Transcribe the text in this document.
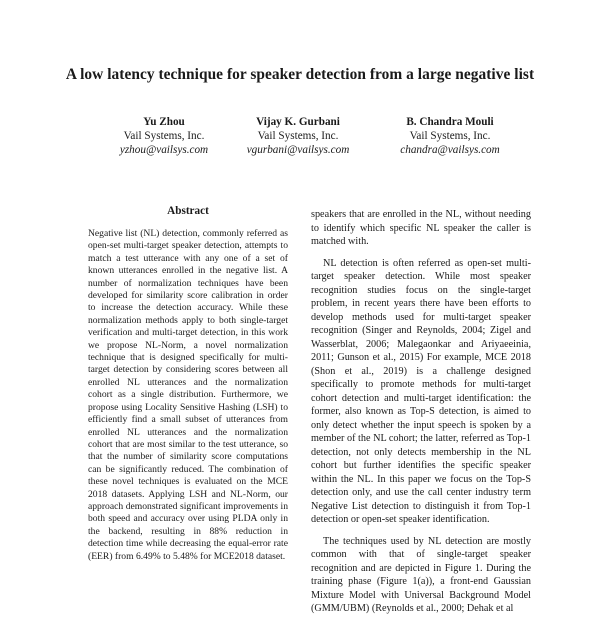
A low latency technique for speaker detection from a large negative list
Yu Zhou
Vail Systems, Inc.
yzhou@vailsys.com
Vijay K. Gurbani
Vail Systems, Inc.
vgurbani@vailsys.com
B. Chandra Mouli
Vail Systems, Inc.
chandra@vailsys.com
Abstract
Negative list (NL) detection, commonly referred as open-set multi-target speaker detection, attempts to match a test utterance with any one of a set of known utterances enrolled in the negative list. A number of normalization techniques have been developed for similarity score calibration in order to increase the detection accuracy. While these normalization methods apply to both single-target verification and multi-target detection, in this work we propose NL-Norm, a novel normalization technique that is designed specifically for multi-target detection by considering scores between all enrolled NL utterances and the normalization cohort as a single distribution. Furthermore, we propose using Locality Sensitive Hashing (LSH) to efficiently find a small subset of utterances from enrolled NL utterances and the normalization cohort that are most similar to the test utterance, so that the number of similarity score computations can be significantly reduced. The combination of these novel techniques is evaluated on the MCE 2018 datasets. Applying LSH and NL-Norm, our approach demonstrated significant improvements in both speed and accuracy over using PLDA only in the backend, resulting in 88% reduction in detection time while decreasing the equal-error rate (EER) from 6.49% to 5.48% for MCE2018 dataset.

speakers that are enrolled in the NL, without needing to identify which specific NL speaker the caller is matched with.

NL detection is often referred as open-set multi-target speaker detection. While most speaker recognition studies focus on the single-target problem, in recent years there have been efforts to develop methods used for multi-target speaker recognition (Singer and Reynolds, 2004; Zigel and Wasserblat, 2006; Malegaonkar and Ariyaeeinia, 2011; Gunson et al., 2015) For example, MCE 2018 (Shon et al., 2019) is a challenge designed specifically to promote methods for multi-target cohort detection and multi-target identification: the former, also known as Top-S detection, is aimed to only detect whether the input speech is spoken by a member of the NL cohort; the latter, referred as Top-1 detection, not only detects membership in the NL cohort but further identifies the specific speaker within the NL. In this paper we focus on the Top-S detection only, and use the call center industry term Negative List detection to distinguish it from Top-1 detection or open-set speaker identification.

The techniques used by NL detection are mostly common with that of single-target speaker recognition and are depicted in Figure 1. During the training phase (Figure 1(a)), a front-end Gaussian Mixture Model with Universal Background Model (GMM/UBM) (Reynolds et al., 2000; Dehak et al
